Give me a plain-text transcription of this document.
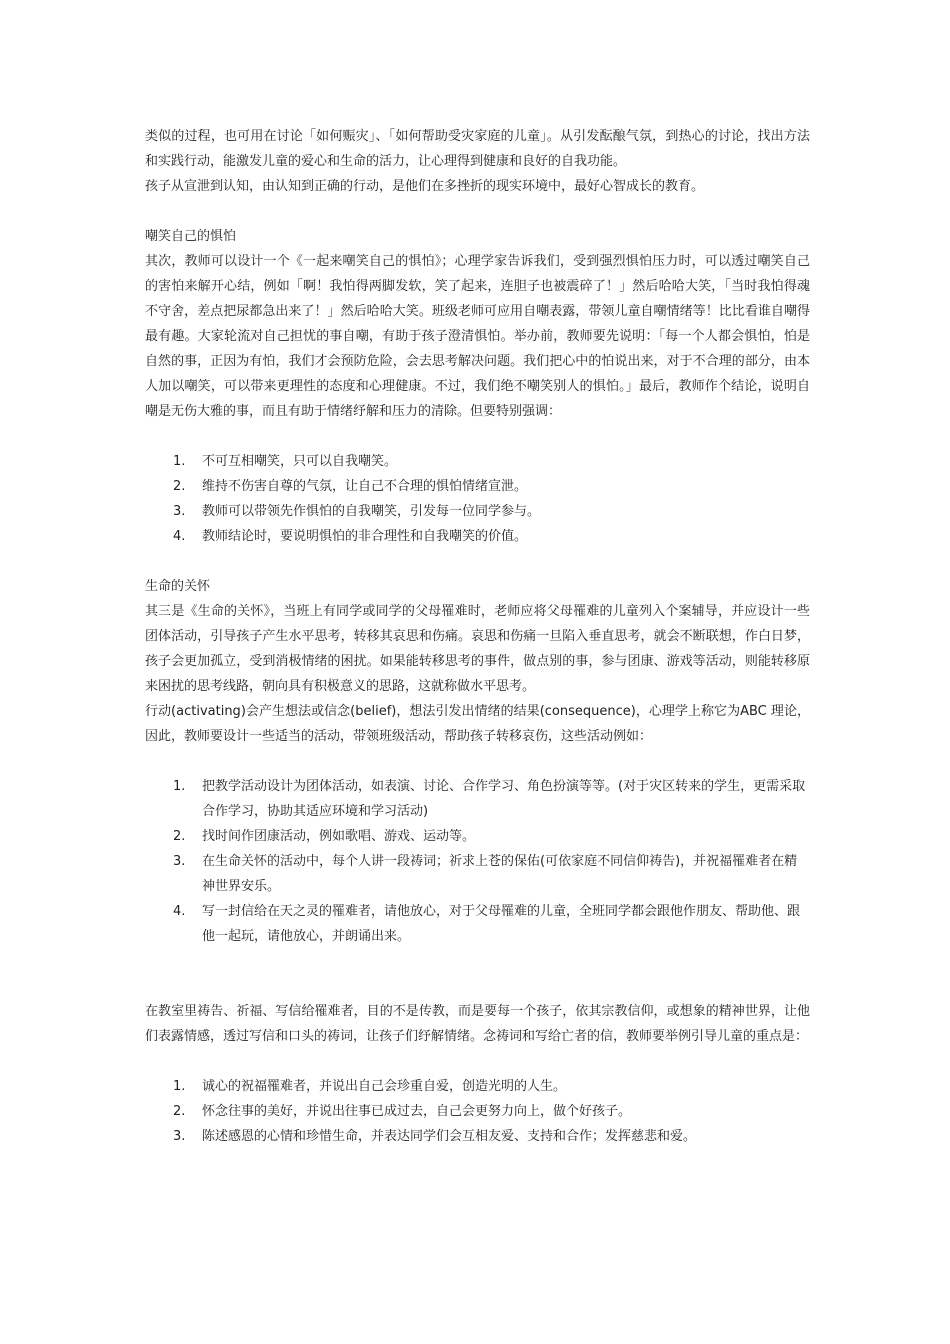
类似的过程，也可用在讨论「如何赈灾」、「如何帮助受灾家庭的儿童」。从引发酝酿气氛，到热心的讨论，找出方法和实践行动，能激发儿童的爱心和生命的活力，让心理得到健康和良好的自我功能。

孩子从宣泄到认知，由认知到正确的行动，是他们在多挫折的现实环境中，最好心智成长的教育。

嘲笑自己的惧怕

其次，教师可以设计一个《一起来嘲笑自己的惧怕》；心理学家告诉我们，受到强烈惧怕压力时，可以透过嘲笑自己的害怕来解开心结，例如「啊！我怕得两脚发软，笑了起来，连胆子也被震碎了！」然后哈哈大笑，「当时我怕得魂不守舍，差点把尿都急出来了！」然后哈哈大笑。班级老师可应用自嘲表露，带领儿童自嘲情绪等！比比看谁自嘲得最有趣。大家轮流对自己担忧的事自嘲，有助于孩子澄清惧怕。举办前，教师要先说明：「每一个人都会惧怕，怕是自然的事，正因为有怕，我们才会预防危险，会去思考解决问题。我们把心中的怕说出来，对于不合理的部分，由本人加以嘲笑，可以带来更理性的态度和心理健康。不过，我们绝不嘲笑别人的惧怕。」最后，教师作个结论，说明自嘲是无伤大雅的事，而且有助于情绪纾解和压力的清除。但要特别强调：

1. 不可互相嘲笑，只可以自我嘲笑。
2. 维持不伤害自尊的气氛，让自己不合理的惧怕情绪宣泄。
3. 教师可以带领先作惧怕的自我嘲笑，引发每一位同学参与。
4. 教师结论时，要说明惧怕的非合理性和自我嘲笑的价值。

生命的关怀

其三是《生命的关怀》，当班上有同学或同学的父母罹难时，老师应将父母罹难的儿童列入个案辅导，并应设计一些团体活动，引导孩子产生水平思考，转移其哀思和伤痛。哀思和伤痛一旦陷入垂直思考，就会不断联想，作白日梦，孩子会更加孤立，受到消极情绪的困扰。如果能转移思考的事件，做点别的事，参与团康、游戏等活动，则能转移原来困扰的思考线路，朝向具有积极意义的思路，这就称做水平思考。

行动(activating)会产生想法或信念(belief)，想法引发出情绪的结果(consequence)，心理学上称它为ABC 理论，因此，教师要设计一些适当的活动，带领班级活动，帮助孩子转移哀伤，这些活动例如：

1. 把教学活动设计为团体活动，如表演、讨论、合作学习、角色扮演等等。(对于灾区转来的学生，更需采取合作学习，协助其适应环境和学习活动)
2. 找时间作团康活动，例如歌唱、游戏、运动等。
3. 在生命关怀的活动中，每个人讲一段祷词；祈求上苍的保佑(可依家庭不同信仰祷告)，并祝福罹难者在精神世界安乐。
4. 写一封信给在天之灵的罹难者，请他放心，对于父母罹难的儿童，全班同学都会跟他作朋友、帮助他、跟他一起玩，请他放心，并朗诵出来。

在教室里祷告、祈福、写信给罹难者，目的不是传教，而是要每一个孩子，依其宗教信仰，或想象的精神世界，让他们表露情感，透过写信和口头的祷词，让孩子们纾解情绪。念祷词和写给亡者的信，教师要举例引导儿童的重点是：

1. 诚心的祝福罹难者，并说出自己会珍重自爱，创造光明的人生。
2. 怀念往事的美好，并说出往事已成过去，自己会更努力向上，做个好孩子。
3. 陈述感恩的心情和珍惜生命，并表达同学们会互相友爱、支持和合作；发挥慈悲和爱。
